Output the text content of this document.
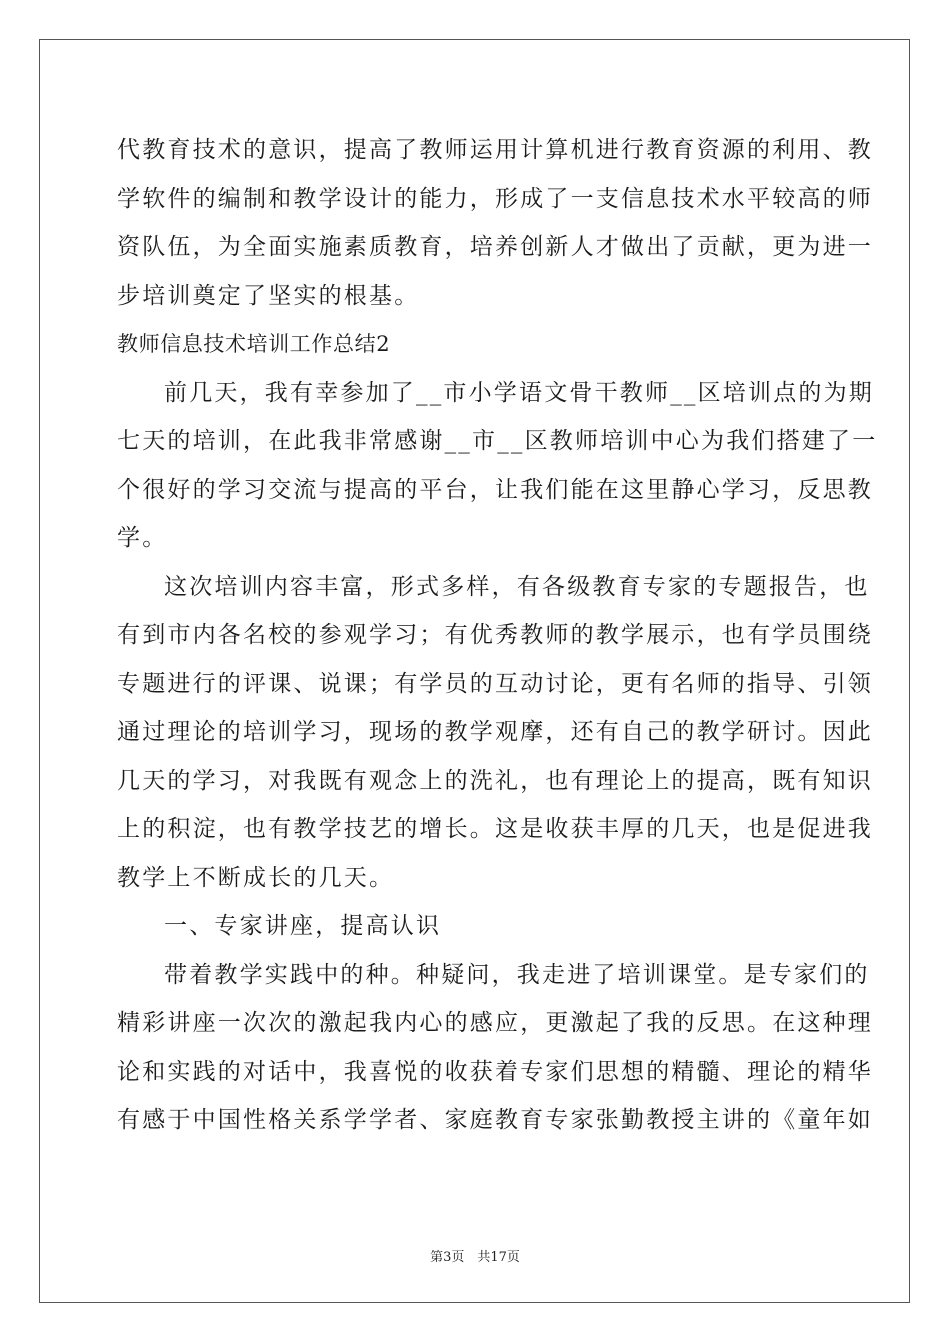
代教育技术的意识，提高了教师运用计算机进行教育资源的利用、教
学软件的编制和教学设计的能力，形成了一支信息技术水平较高的师
资队伍，为全面实施素质教育，培养创新人才做出了贡献，更为进一
步培训奠定了坚实的根基。
教师信息技术培训工作总结2
前几天，我有幸参加了__市小学语文骨干教师__区培训点的为期
七天的培训，在此我非常感谢__市__区教师培训中心为我们搭建了一
个很好的学习交流与提高的平台，让我们能在这里静心学习，反思教
学。
这次培训内容丰富，形式多样，有各级教育专家的专题报告，也
有到市内各名校的参观学习；有优秀教师的教学展示，也有学员围绕
专题进行的评课、说课；有学员的互动讨论，更有名师的指导、引领
通过理论的培训学习，现场的教学观摩，还有自己的教学研讨。因此
几天的学习，对我既有观念上的洗礼，也有理论上的提高，既有知识
上的积淀，也有教学技艺的增长。这是收获丰厚的几天，也是促进我
教学上不断成长的几天。
一、专家讲座，提高认识
带着教学实践中的种。种疑问，我走进了培训课堂。是专家们的
精彩讲座一次次的激起我内心的感应，更激起了我的反思。在这种理
论和实践的对话中，我喜悦的收获着专家们思想的精髓、理论的精华
有感于中国性格关系学学者、家庭教育专家张勤教授主讲的《童年如
第3页　共17页
